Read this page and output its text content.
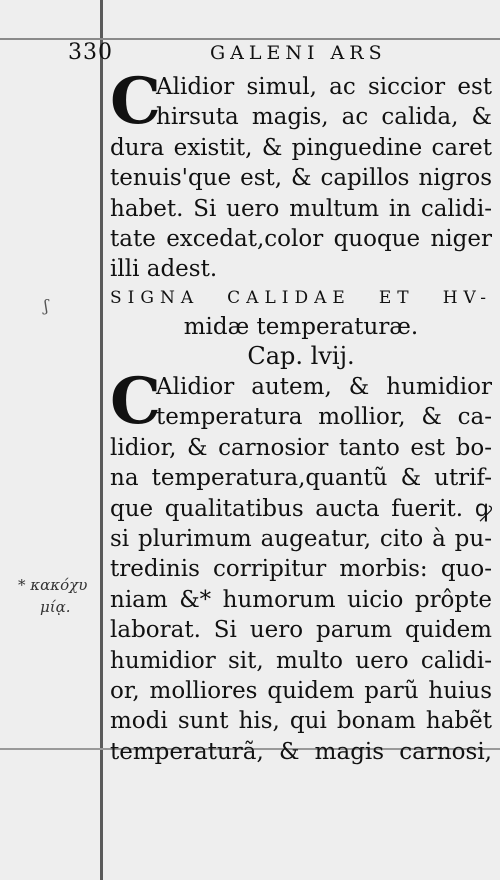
330	GALENI ARS
C
Alidior simul, ac siccior est
hirsuta magis, ac calida, &
dura existit, & pinguedine caret
tenuis'que est, & capillos nigros
habet. Si uero multum in calidi-
tate excedat,color quoque niger
illi adest.
SIGNA CALIDAE ET HV-
midæ temperaturæ.
Cap. lvij.
C
Alidior autem, & humidior
temperatura mollior, & ca-
lidior, & carnosior tanto est bo-
na temperatura,quantũ & utrif-
que qualitatibus aucta fuerit. ꝙ
si plurimum augeatur, cito à pu-
tredinis corripitur morbis: quo-
niam &* humorum uicio prôpte
laborat. Si uero parum quidem
humidior sit, multo uero calidi-
or, molliores quidem parũ huius
modi sunt his, qui bonam habẽt
temperaturã, & magis carnosi,
ʃ
* κακόχυ
μίᾳ.
